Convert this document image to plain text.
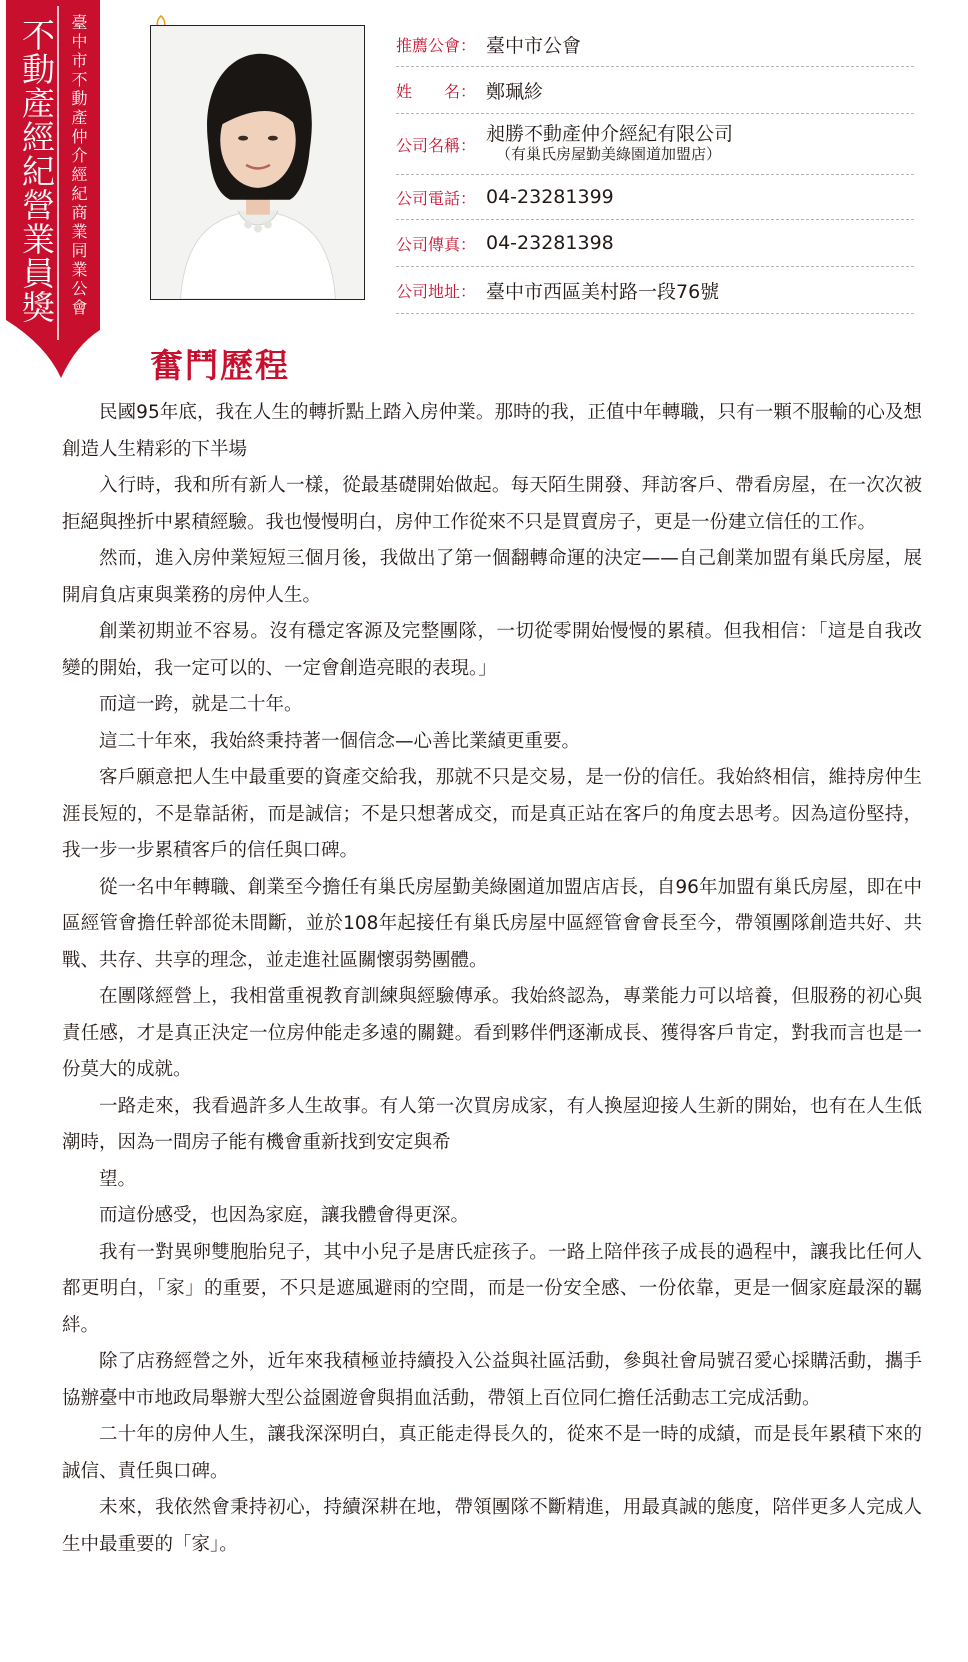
不動產經紀營業員獎 臺中市不動產仲介經紀商業同業公會	推薦公會： 臺中市公會
姓　　名： 鄭珮紾
公司名稱： 昶勝不動產仲介經紀有限公司
（有巢氏房屋勤美綠園道加盟店）
公司電話： 04-23281399
公司傳真： 04-23281398
公司地址： 臺中市西區美村路一段76號
奮鬥歷程

民國95年底，我在人生的轉折點上踏入房仲業。那時的我，正值中年轉職，只有一顆不服輸的心及想創造人生精彩的下半場

入行時，我和所有新人一樣，從最基礎開始做起。每天陌生開發、拜訪客戶、帶看房屋，在一次次被拒絕與挫折中累積經驗。我也慢慢明白，房仲工作從來不只是買賣房子，更是一份建立信任的工作。

然而，進入房仲業短短三個月後，我做出了第一個翻轉命運的決定——自己創業加盟有巢氏房屋，展開肩負店東與業務的房仲人生。

創業初期並不容易。沒有穩定客源及完整團隊，一切從零開始慢慢的累積。但我相信：「這是自我改變的開始，我一定可以的、一定會創造亮眼的表現。」

而這一跨，就是二十年。

這二十年來，我始終秉持著一個信念—心善比業績更重要。

客戶願意把人生中最重要的資產交給我，那就不只是交易，是一份的信任。我始終相信，維持房仲生涯長短的，不是靠話術，而是誠信；不是只想著成交，而是真正站在客戶的角度去思考。因為這份堅持，我一步一步累積客戶的信任與口碑。

從一名中年轉職、創業至今擔任有巢氏房屋勤美綠園道加盟店店長，自96年加盟有巢氏房屋，即在中區經管會擔任幹部從未間斷，並於108年起接任有巢氏房屋中區經管會會長至今，帶領團隊創造共好、共戰、共存、共享的理念，並走進社區關懷弱勢團體。

在團隊經營上，我相當重視教育訓練與經驗傳承。我始終認為，專業能力可以培養，但服務的初心與責任感，才是真正決定一位房仲能走多遠的關鍵。看到夥伴們逐漸成長、獲得客戶肯定，對我而言也是一份莫大的成就。

一路走來，我看過許多人生故事。有人第一次買房成家，有人換屋迎接人生新的開始，也有在人生低潮時，因為一間房子能有機會重新找到安定與希

望。

而這份感受，也因為家庭，讓我體會得更深。

我有一對異卵雙胞胎兒子，其中小兒子是唐氏症孩子。一路上陪伴孩子成長的過程中，讓我比任何人都更明白，「家」的重要，不只是遮風避雨的空間，而是一份安全感、一份依靠，更是一個家庭最深的羈絆。

除了店務經營之外，近年來我積極並持續投入公益與社區活動，參與社會局號召愛心採購活動，攜手協辦臺中市地政局舉辦大型公益園遊會與捐血活動，帶領上百位同仁擔任活動志工完成活動。

二十年的房仲人生，讓我深深明白，真正能走得長久的，從來不是一時的成績，而是長年累積下來的誠信、責任與口碑。

未來，我依然會秉持初心，持續深耕在地，帶領團隊不斷精進，用最真誠的態度，陪伴更多人完成人生中最重要的「家」。
